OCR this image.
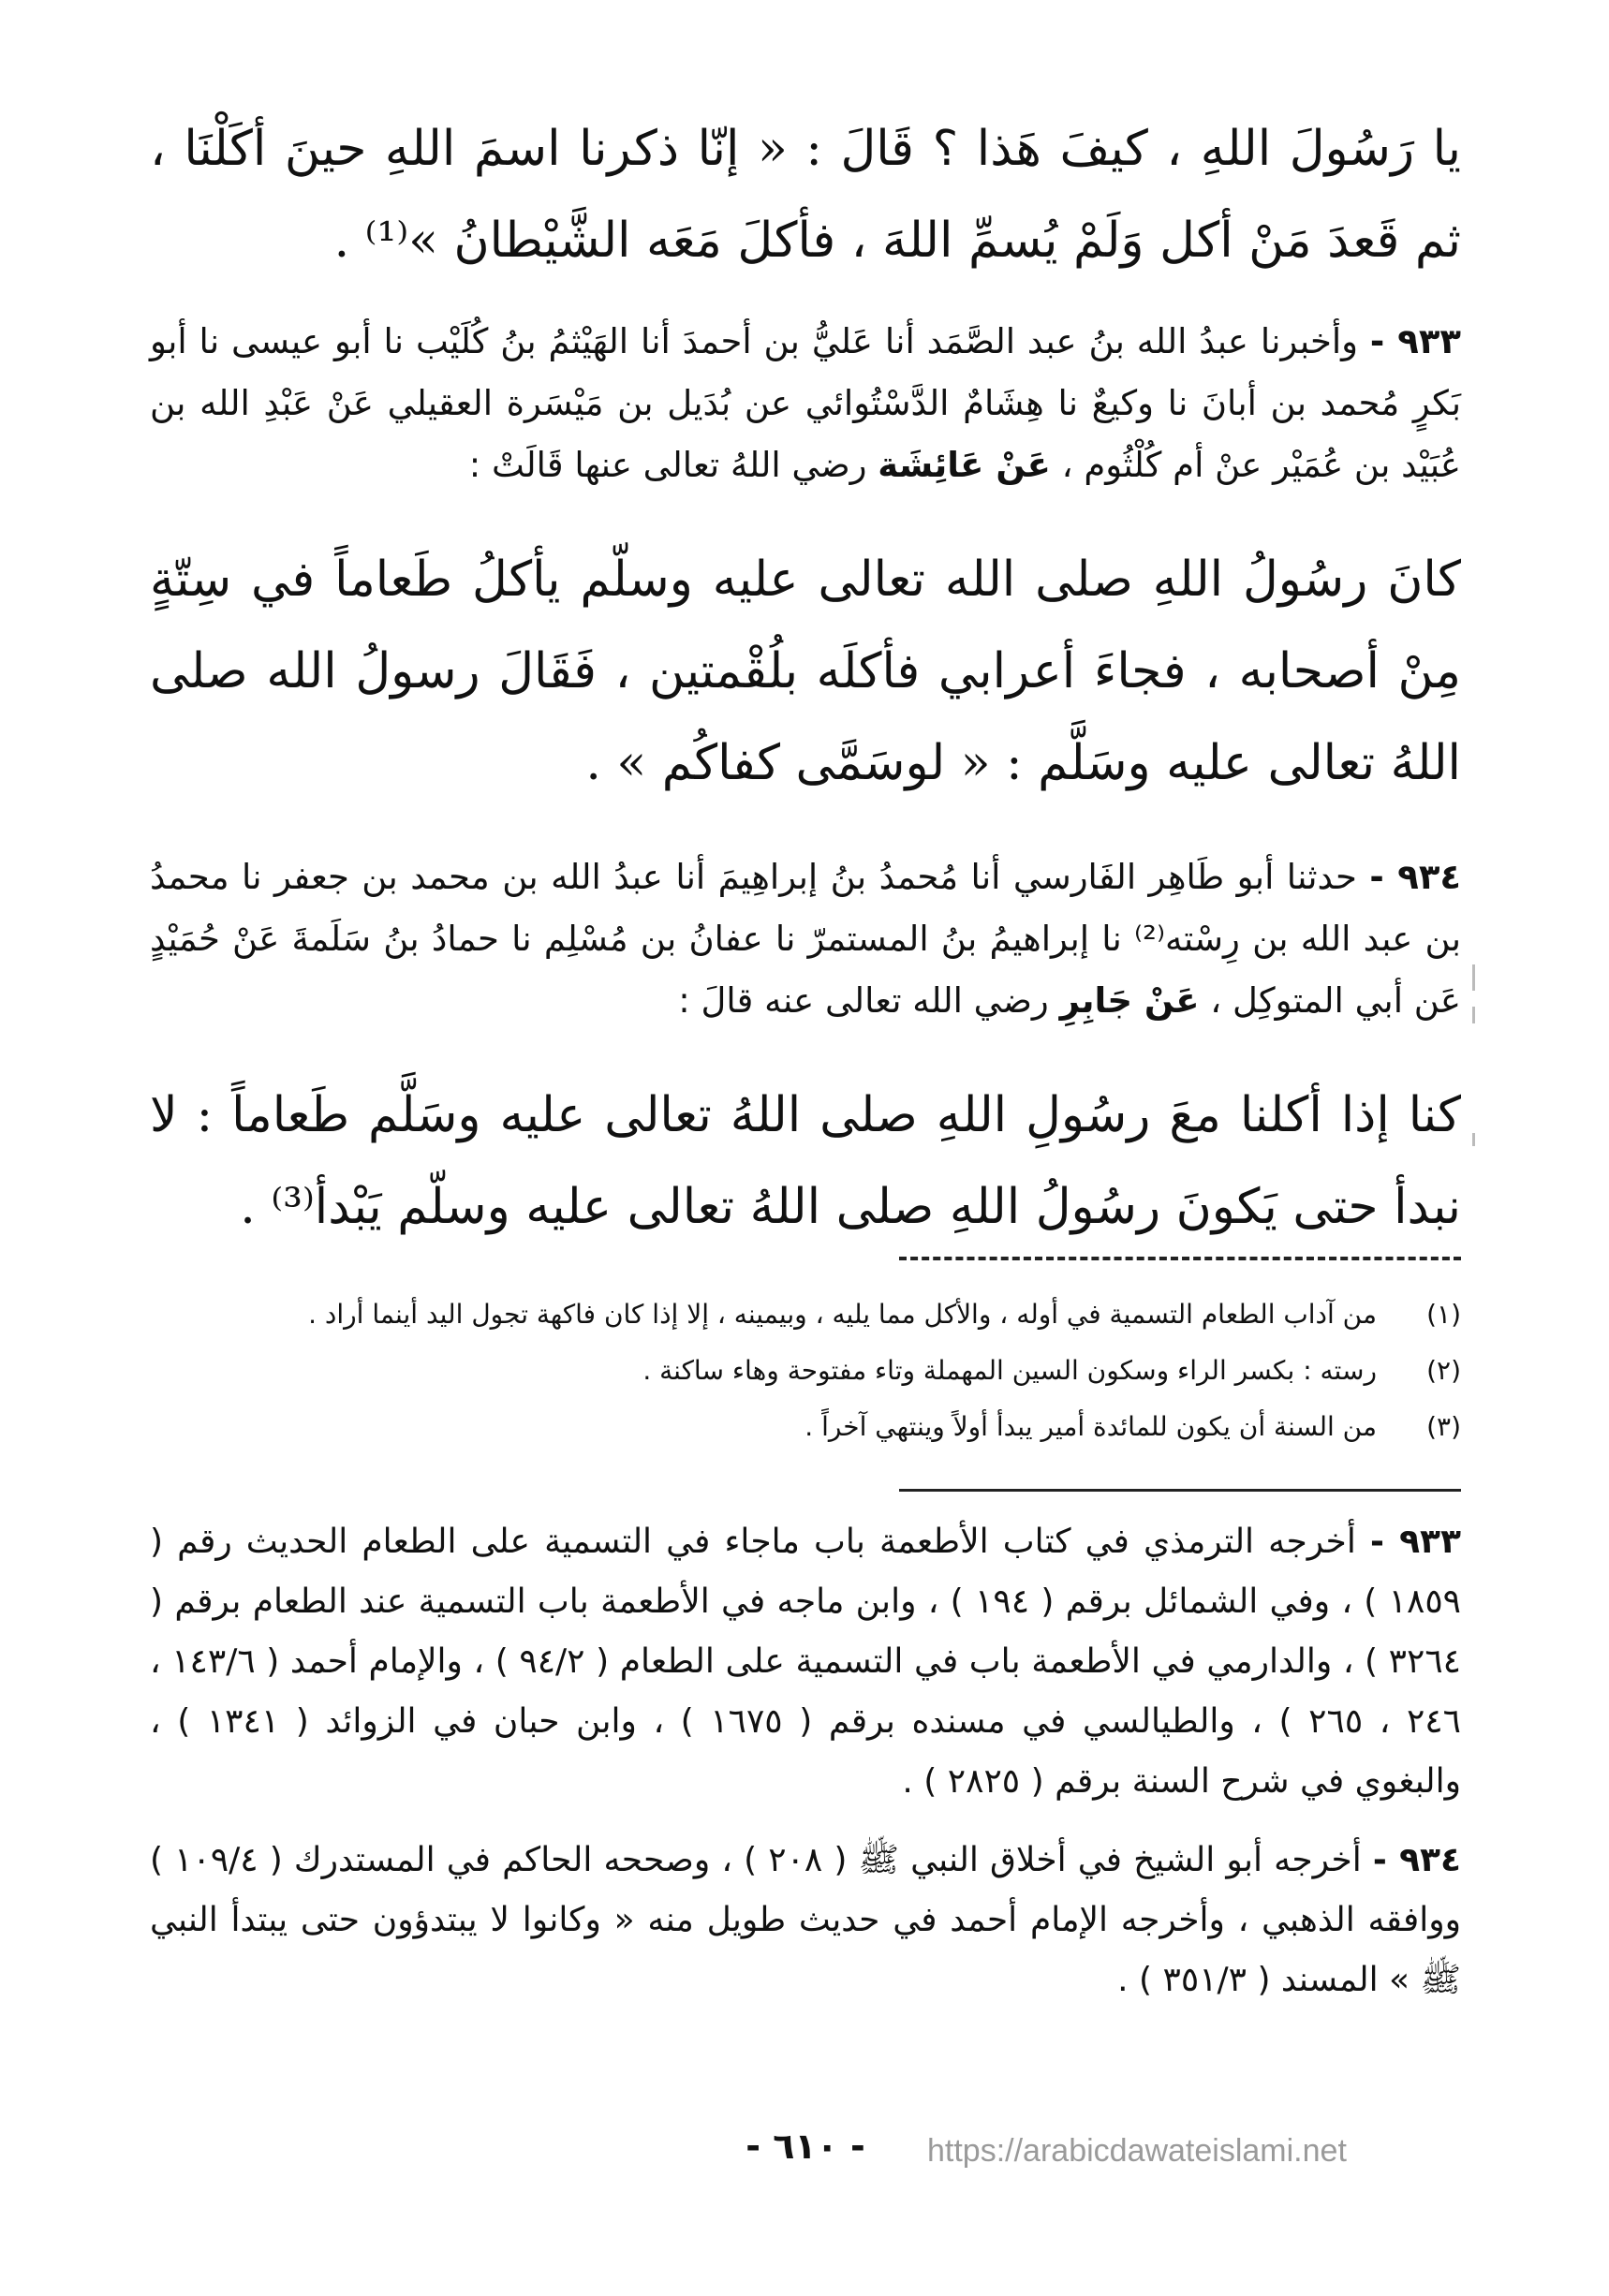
يا رَسُولَ اللهِ ، كيفَ هَذا ؟ قَالَ : « إنّا ذكرنا اسمَ اللهِ حينَ أكَلْنَا ، ثم قَعدَ مَنْ أكل وَلَمْ يُسمِّ اللهَ ، فأكلَ مَعَه الشَّيْطانُ »⁽¹⁾ .

٩٣٣ - وأخبرنا عبدُ الله بنُ عبد الصَّمَد أنا عَليُّ بن أحمدَ أنا الهَيْثمُ بنُ كُلَيْب نا أبو عيسى نا أبو بَكرٍ مُحمد بن أبانَ نا وكيعٌ نا هِشَامٌ الدَّسْتُوائي عن بُدَيل بن مَيْسَرة العقيلي عَنْ عَبْدِ الله بن عُبَيْد بن عُمَيْر عنْ أم كُلْثُوم ، عَنْ عَائِشَة رضي اللهُ تعالى عنها قَالَتْ :

كانَ رسُولُ اللهِ صلى الله تعالى عليه وسلّم يأكلُ طَعاماً في سِتّةٍ مِنْ أصحابه ، فجاءَ أعرابي فأكلَه بلُقْمتين ، فَقَالَ رسولُ الله صلى اللهُ تعالى عليه وسَلَّم : « لوسَمَّى كفاكُم » .

٩٣٤ - حدثنا أبو طَاهِر الفَارسي أنا مُحمدُ بنُ إبراهِيمَ أنا عبدُ الله بن محمد بن جعفر نا محمدُ بن عبد الله بن رِسْته⁽²⁾ نا إبراهيمُ بنُ المستمرّ نا عفانُ بن مُسْلِم نا حمادُ بنُ سَلَمةَ عَنْ حُمَيْدٍ عَن أبي المتوكِل ، عَنْ جَابِرِ رضي الله تعالى عنه قالَ :

كنا إذا أكلنا معَ رسُولِ اللهِ صلى اللهُ تعالى عليه وسَلَّم طَعاماً : لا نبدأ حتى يَكونَ رسُولُ اللهِ صلى اللهُ تعالى عليه وسلّم يَبْدأ⁽³⁾ .

(١)
من آداب الطعام التسمية في أوله ، والأكل مما يليه ، وبيمينه ، إلا إذا كان فاكهة تجول اليد أينما أراد .
(٢)
رسته : بكسر الراء وسكون السين المهملة وتاء مفتوحة وهاء ساكنة .
(٣)
من السنة أن يكون للمائدة أمير يبدأ أولاً وينتهي آخراً .

٩٣٣ - أخرجه الترمذي في كتاب الأطعمة باب ماجاء في التسمية على الطعام الحديث رقم ( ١٨٥٩ ) ، وفي الشمائل برقم ( ١٩٤ ) ، وابن ماجه في الأطعمة باب التسمية عند الطعام برقم ( ٣٢٦٤ ) ، والدارمي في الأطعمة باب في التسمية على الطعام ( ٩٤/٢ ) ، والإمام أحمد ( ١٤٣/٦ ، ٢٤٦ ، ٢٦٥ ) ، والطيالسي في مسنده برقم ( ١٦٧٥ ) ، وابن حبان في الزوائد ( ١٣٤١ ) ، والبغوي في شرح السنة برقم ( ٢٨٢٥ ) .

٩٣٤ - أخرجه أبو الشيخ في أخلاق النبي ﷺ ( ٢٠٨ ) ، وصححه الحاكم في المستدرك ( ١٠٩/٤ ) ووافقه الذهبي ، وأخرجه الإمام أحمد في حديث طويل منه « وكانوا لا يبتدؤون حتى يبتدأ النبي ﷺ » المسند ( ٣٥١/٣ ) .

- ٦١٠ -	https://arabicdawateislami.net
